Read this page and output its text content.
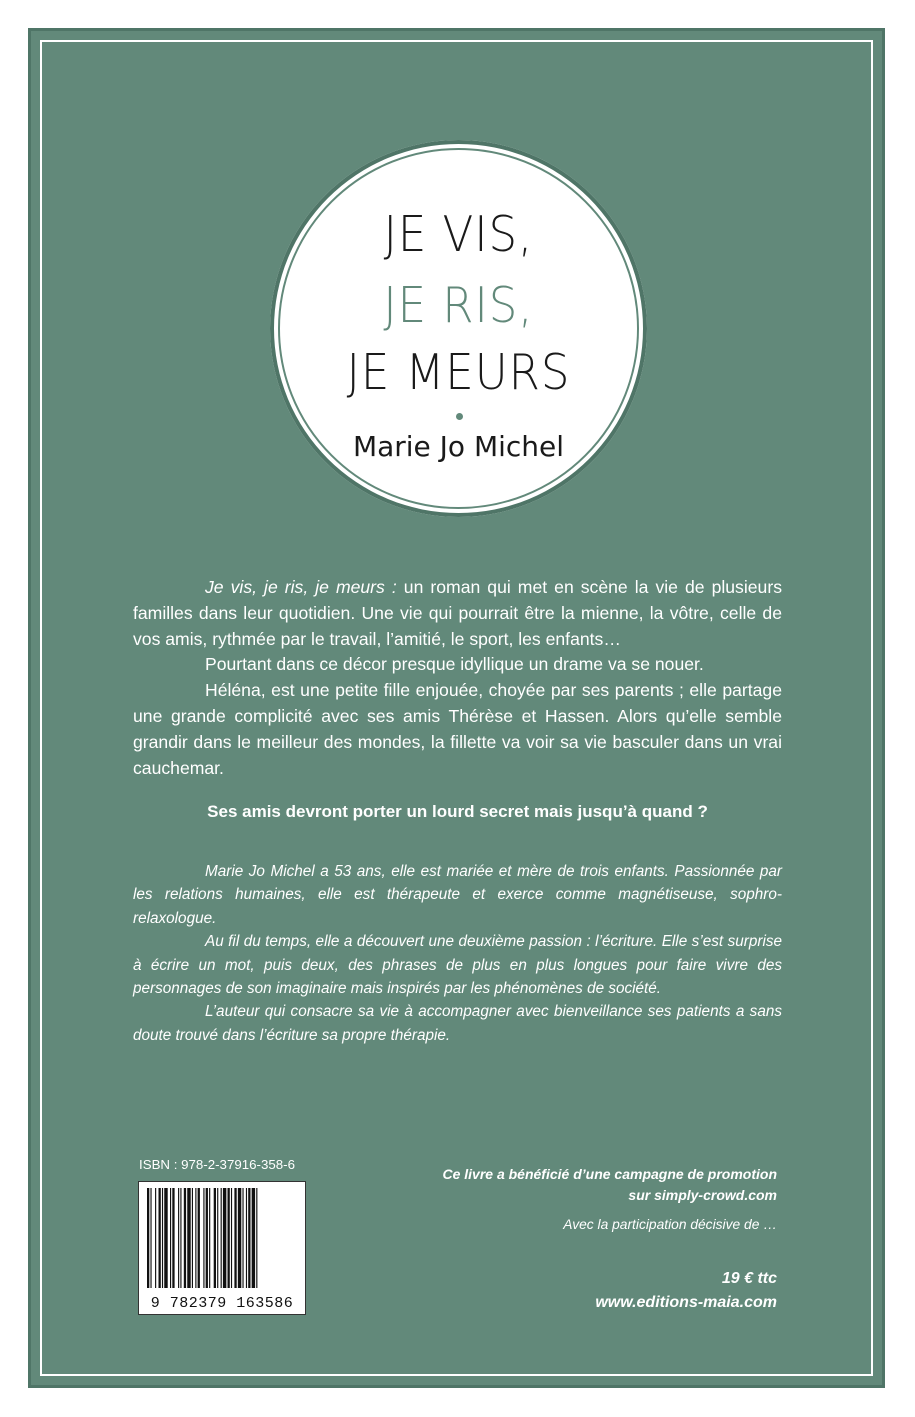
JE VIS,
JE RIS,
JE MEURS
Marie Jo Michel

Je vis, je ris, je meurs : un roman qui met en scène la vie de plusieurs familles dans leur quotidien. Une vie qui pourrait être la mienne, la vôtre, celle de vos amis, rythmée par le travail, l’amitié, le sport, les enfants…

Pourtant dans ce décor presque idyllique un drame va se nouer.

Héléna, est une petite fille enjouée, choyée par ses parents ; elle partage une grande complicité avec ses amis Thérèse et Hassen. Alors qu’elle semble grandir dans le meilleur des mondes, la fillette va voir sa vie basculer dans un vrai cauchemar.

Ses amis devront porter un lourd secret mais jusqu’à quand ?

Marie Jo Michel a 53 ans, elle est mariée et mère de trois enfants. Passionnée par les relations humaines, elle est thérapeute et exerce comme magnétiseuse, sophro-relaxologue.

Au fil du temps, elle a découvert une deuxième passion : l’écriture. Elle s’est surprise à écrire un mot, puis deux, des phrases de plus en plus longues pour faire vivre des personnages de son imaginaire mais inspirés par les phénomènes de société.

L’auteur qui consacre sa vie à accompagner avec bienveillance ses patients a sans doute trouvé dans l’écriture sa propre thérapie.

ISBN : 978-2-37916-358-6
9 782379 163586
Ce livre a bénéficié d’une campagne de promotion
sur simply-crowd.com
Avec la participation décisive de …
19 € ttc
www.editions-maia.com
